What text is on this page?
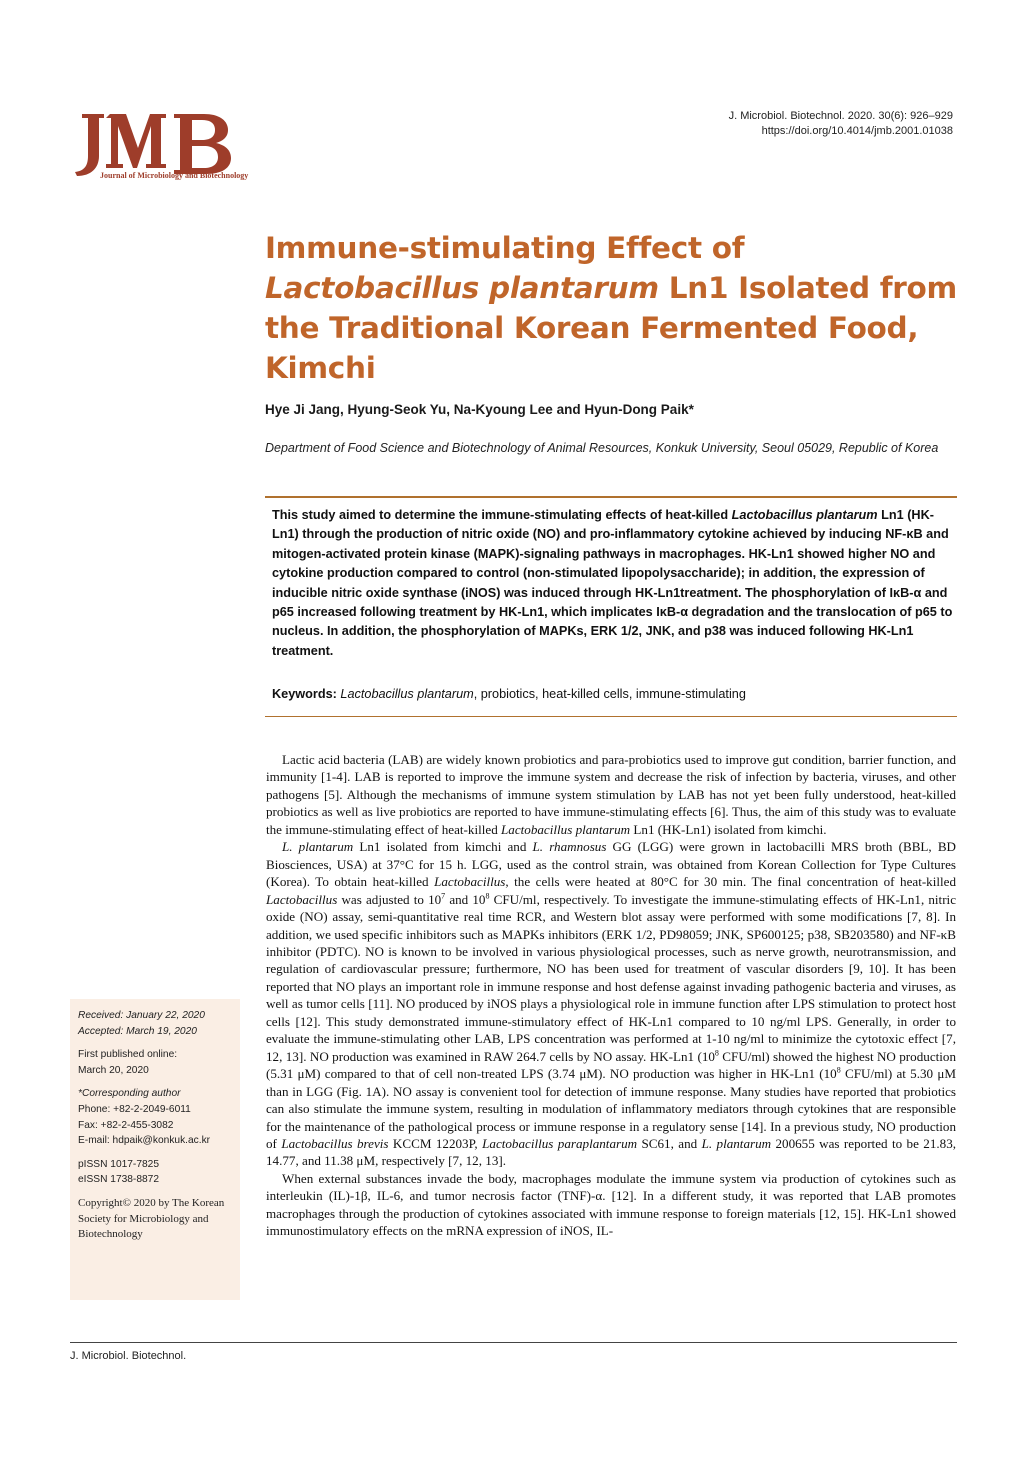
Journal of Microbiology and Biotechnology
J. Microbiol. Biotechnol. 2020. 30(6): 926–929
https://doi.org/10.4014/jmb.2001.01038
Immune-stimulating Effect of Lactobacillus plantarum Ln1 Isolated from the Traditional Korean Fermented Food, Kimchi
Hye Ji Jang, Hyung-Seok Yu, Na-Kyoung Lee and Hyun-Dong Paik*
Department of Food Science and Biotechnology of Animal Resources, Konkuk University, Seoul 05029, Republic of Korea
This study aimed to determine the immune-stimulating effects of heat-killed Lactobacillus plantarum Ln1 (HK-Ln1) through the production of nitric oxide (NO) and pro-inflammatory cytokine achieved by inducing NF-κB and mitogen-activated protein kinase (MAPK)-signaling pathways in macrophages. HK-Ln1 showed higher NO and cytokine production compared to control (non-stimulated lipopolysaccharide); in addition, the expression of inducible nitric oxide synthase (iNOS) was induced through HK-Ln1treatment. The phosphorylation of IκB-α and p65 increased following treatment by HK-Ln1, which implicates IκB-α degradation and the translocation of p65 to nucleus. In addition, the phosphorylation of MAPKs, ERK 1/2, JNK, and p38 was induced following HK-Ln1 treatment.
Keywords: Lactobacillus plantarum, probiotics, heat-killed cells, immune-stimulating
Received: January 22, 2020
Accepted: March 19, 2020
First published online:
March 20, 2020
*Corresponding author
Phone: +82-2-2049-6011
Fax: +82-2-455-3082
E-mail: hdpaik@konkuk.ac.kr
pISSN 1017-7825
eISSN 1738-8872
Copyright© 2020 by The Korean Society for Microbiology and Biotechnology

Lactic acid bacteria (LAB) are widely known probiotics and para-probiotics used to improve gut condition, barrier function, and immunity [1-4]. LAB is reported to improve the immune system and decrease the risk of infection by bacteria, viruses, and other pathogens [5]. Although the mechanisms of immune system stimulation by LAB has not yet been fully understood, heat-killed probiotics as well as live probiotics are reported to have immune-stimulating effects [6]. Thus, the aim of this study was to evaluate the immune-stimulating effect of heat-killed Lactobacillus plantarum Ln1 (HK-Ln1) isolated from kimchi.

L. plantarum Ln1 isolated from kimchi and L. rhamnosus GG (LGG) were grown in lactobacilli MRS broth (BBL, BD Biosciences, USA) at 37°C for 15 h. LGG, used as the control strain, was obtained from Korean Collection for Type Cultures (Korea). To obtain heat-killed Lactobacillus, the cells were heated at 80°C for 30 min. The final concentration of heat-killed Lactobacillus was adjusted to $10^7$ and $10^8$ CFU/ml, respectively. To investigate the immune-stimulating effects of HK-Ln1, nitric oxide (NO) assay, semi-quantitative real time RCR, and Western blot assay were performed with some modifications [7, 8]. In addition, we used specific inhibitors such as MAPKs inhibitors (ERK 1/2, PD98059; JNK, SP600125; p38, SB203580) and NF-κB inhibitor (PDTC). NO is known to be involved in various physiological processes, such as nerve growth, neurotransmission, and regulation of cardiovascular pressure; furthermore, NO has been used for treatment of vascular disorders [9, 10]. It has been reported that NO plays an important role in immune response and host defense against invading pathogenic bacteria and viruses, as well as tumor cells [11]. NO produced by iNOS plays a physiological role in immune function after LPS stimulation to protect host cells [12]. This study demonstrated immune-stimulatory effect of HK-Ln1 compared to 10 ng/ml LPS. Generally, in order to evaluate the immune-stimulating other LAB, LPS concentration was performed at 1-10 ng/ml to minimize the cytotoxic effect [7, 12, 13]. NO production was examined in RAW 264.7 cells by NO assay. HK-Ln1 ($10^8$ CFU/ml) showed the highest NO production (5.31 μM) compared to that of cell non-treated LPS (3.74 μM). NO production was higher in HK-Ln1 ($10^8$ CFU/ml) at 5.30 μM than in LGG (Fig. 1A). NO assay is convenient tool for detection of immune response. Many studies have reported that probiotics can also stimulate the immune system, resulting in modulation of inflammatory mediators through cytokines that are responsible for the maintenance of the pathological process or immune response in a regulatory sense [14]. In a previous study, NO production of Lactobacillus brevis KCCM 12203P, Lactobacillus paraplantarum SC61, and L. plantarum 200655 was reported to be 21.83, 14.77, and 11.38 μM, respectively [7, 12, 13].

When external substances invade the body, macrophages modulate the immune system via production of cytokines such as interleukin (IL)-1β, IL-6, and tumor necrosis factor (TNF)-α. [12]. In a different study, it was reported that LAB promotes macrophages through the production of cytokines associated with immune response to foreign materials [12, 15]. HK-Ln1 showed immunostimulatory effects on the mRNA expression of iNOS, IL-

J. Microbiol. Biotechnol.
